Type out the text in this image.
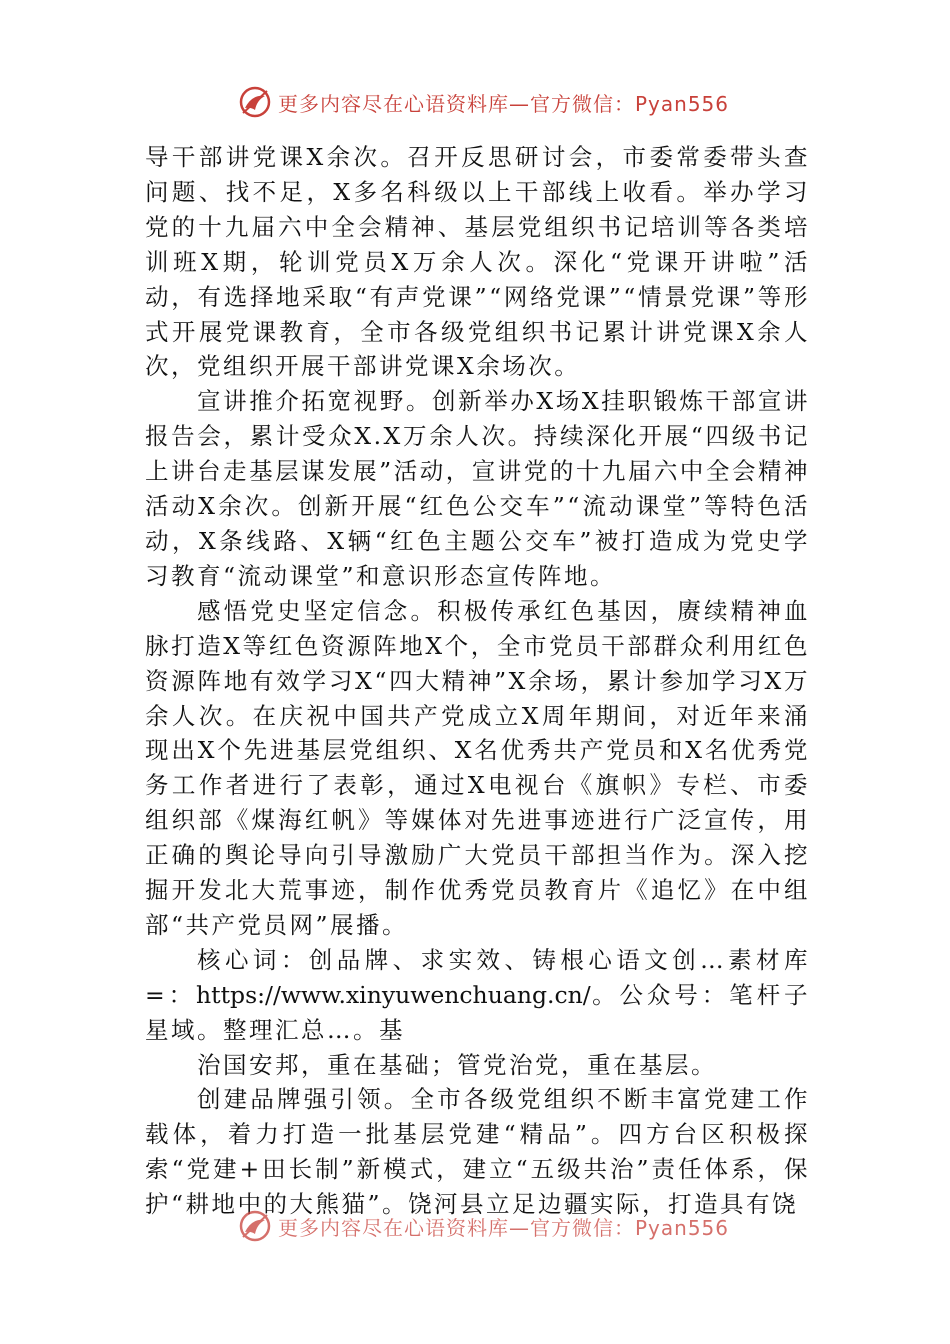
更多内容尽在心语资料库—官方微信：Pyan556

导干部讲党课X余次。召开反思研讨会，市委常委带头查问题、找不足，X多名科级以上干部线上收看。举办学习党的十九届六中全会精神、基层党组织书记培训等各类培训班X期，轮训党员X万余人次。深化“党课开讲啦”活动，有选择地采取“有声党课”“网络党课”“情景党课”等形式开展党课教育，全市各级党组织书记累计讲党课X余人次，党组织开展干部讲党课X余场次。

宣讲推介拓宽视野。创新举办X场X挂职锻炼干部宣讲报告会，累计受众X.X万余人次。持续深化开展“四级书记上讲台走基层谋发展”活动，宣讲党的十九届六中全会精神活动X余次。创新开展“红色公交车”“流动课堂”等特色活动，X条线路、X辆“红色主题公交车”被打造成为党史学习教育“流动课堂”和意识形态宣传阵地。

感悟党史坚定信念。积极传承红色基因，赓续精神血脉打造X等红色资源阵地X个，全市党员干部群众利用红色资源阵地有效学习X“四大精神”X余场，累计参加学习X万余人次。在庆祝中国共产党成立X周年期间，对近年来涌现出X个先进基层党组织、X名优秀共产党员和X名优秀党务工作者进行了表彰，通过X电视台《旗帜》专栏、市委组织部《煤海红帆》等媒体对先进事迹进行广泛宣传，用正确的舆论导向引导激励广大党员干部担当作为。深入挖掘开发北大荒事迹，制作优秀党员教育片《追忆》在中组部“共产党员网”展播。

核心词：创品牌、求实效、铸根心语文创…素材库=：https://www.xinyuwenchuang.cn/。公众号：笔杆子星域。整理汇总…。基

治国安邦，重在基础；管党治党，重在基层。

创建品牌强引领。全市各级党组织不断丰富党建工作载体，着力打造一批基层党建“精品”。四方台区积极探索“党建+田长制”新模式，建立“五级共治”责任体系，保护“耕地中的大熊猫”。饶河县立足边疆实际，打造具有饶

更多内容尽在心语资料库—官方微信：Pyan556
